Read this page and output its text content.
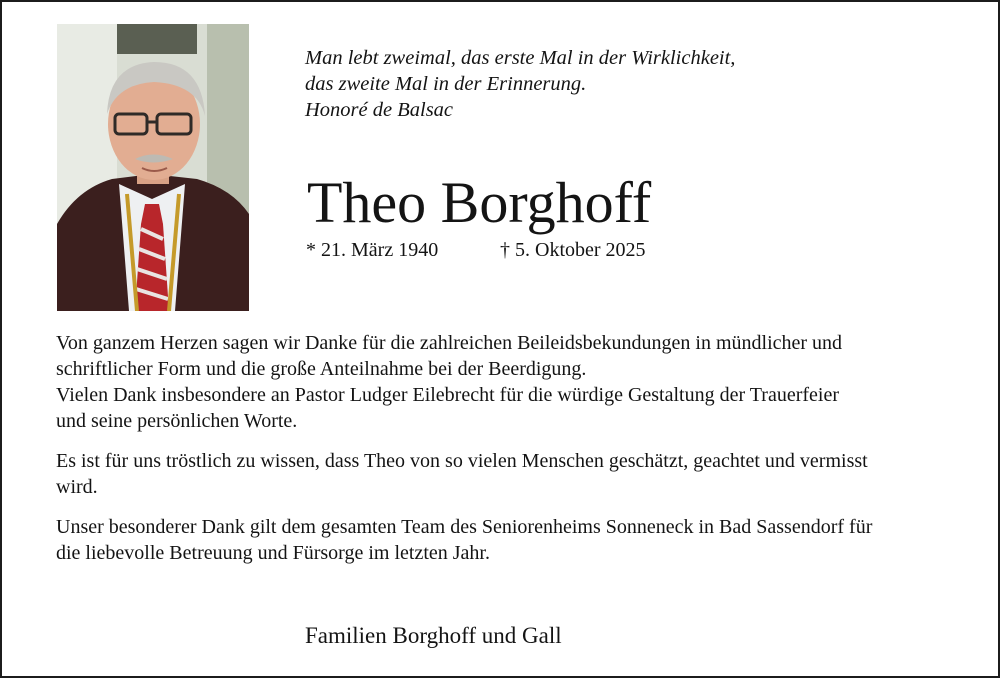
Man lebt zweimal, das erste Mal in der Wirklichkeit,
das zweite Mal in der Erinnerung.
Honoré de Balsac
Theo Borghoff
* 21. März 1940	† 5. Oktober 2025

Von ganzem Herzen sagen wir Danke für die zahlreichen Beileidsbekundungen in mündlicher und
schriftlicher Form und die große Anteilnahme bei der Beerdigung.
Vielen Dank insbesondere an Pastor Ludger Eilebrecht für die würdige Gestaltung der Trauerfeier
und seine persönlichen Worte.

Es ist für uns tröstlich zu wissen, dass Theo von so vielen Menschen geschätzt, geachtet und vermisst
wird.

Unser besonderer Dank gilt dem gesamten Team des Seniorenheims Sonneneck in Bad Sassendorf für
die liebevolle Betreuung und Fürsorge im letzten Jahr.

Familien Borghoff und Gall
